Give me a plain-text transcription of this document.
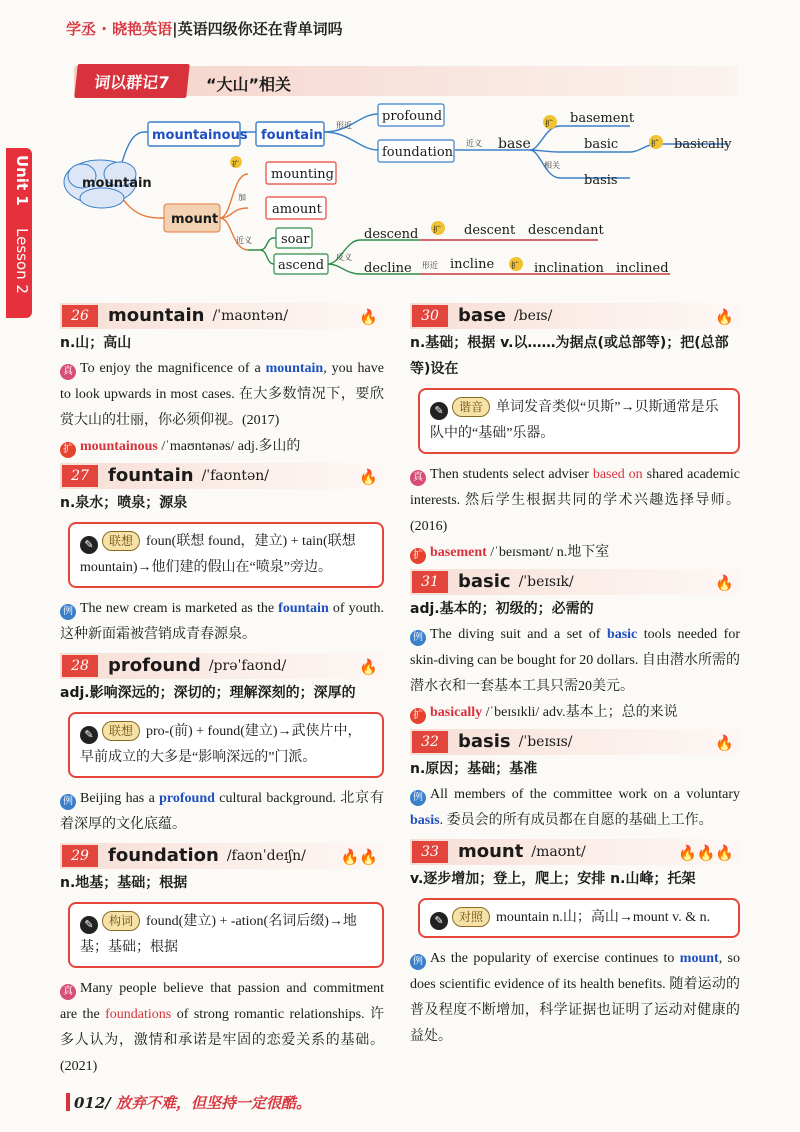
学丞 · 晓艳英语|英语四级你还在背单词吗
Unit 1
Lesson 2
词以群记7	“大山”相关
mountain
mountainous fountain
形近
profound
foundation
近义 base
扩 basement
basic
相关
basis
扩 basically
mount
扩
mounting
加
amount
近义 soar
ascend
反义
descend 扩 descent descendant
decline 形近 incline 扩 inclination inclined
26	mountain /ˈmaʊntən/	🔥

n.山；高山

真 To enjoy the magnificence of a mountain, you have to look upwards in most cases. 在大多数情况下，要欣赏大山的壮丽，你必须仰视。(2017)

扩 mountainous /ˈmaʊntənəs/ adj.多山的

27	fountain /ˈfaʊntən/	🔥

n.泉水；喷泉；源泉

✎ 联想 foun(联想 found，建立) + tain(联想 mountain)→他们建的假山在“喷泉”旁边。

例 The new cream is marketed as the fountain of youth. 这种新面霜被营销成青春源泉。

28	profound /prəˈfaʊnd/	🔥

adj.影响深远的；深切的；理解深刻的；深厚的

✎ 联想 pro-(前) + found(建立)→武侠片中，早前成立的大多是“影响深远的”门派。

例 Beijing has a profound cultural background. 北京有着深厚的文化底蕴。

29	foundation /faʊnˈdeɪʃn/ 🔥🔥

n.地基；基础；根据

✎ 构词 found(建立) + -ation(名词后缀)→地基；基础；根据

真 Many people believe that passion and commitment are the foundations of strong romantic relationships. 许多人认为，激情和承诺是牢固的恋爱关系的基础。(2021)

30	base /beɪs/	🔥

n.基础；根据 v.以……为据点(或总部等)；把(总部等)设在

✎ 谐音 单词发音类似“贝斯”→贝斯通常是乐队中的“基础”乐器。

真 Then students select adviser based on shared academic interests. 然后学生根据共同的学术兴趣选择导师。(2016)

扩 basement /ˈbeɪsmənt/ n.地下室

31	basic /ˈbeɪsɪk/	🔥

adj.基本的；初级的；必需的

例 The diving suit and a set of basic tools needed for skin-diving can be bought for 20 dollars. 自由潜水所需的潜水衣和一套基本工具只需20美元。

扩 basically /ˈbeɪsɪkli/ adv.基本上；总的来说

32	basis /ˈbeɪsɪs/	🔥

n.原因；基础；基准

例 All members of the committee work on a voluntary basis. 委员会的所有成员都在自愿的基础上工作。

33	mount /maʊnt/	🔥🔥🔥

v.逐步增加；登上，爬上；安排 n.山峰；托架

✎ 对照 mountain n.山；高山→mount v. & n.

例 As the popularity of exercise continues to mount, so does scientific evidence of its health benefits. 随着运动的普及程度不断增加，科学证据也证明了运动对健康的益处。

012/ 放弃不难，但坚持一定很酷。
